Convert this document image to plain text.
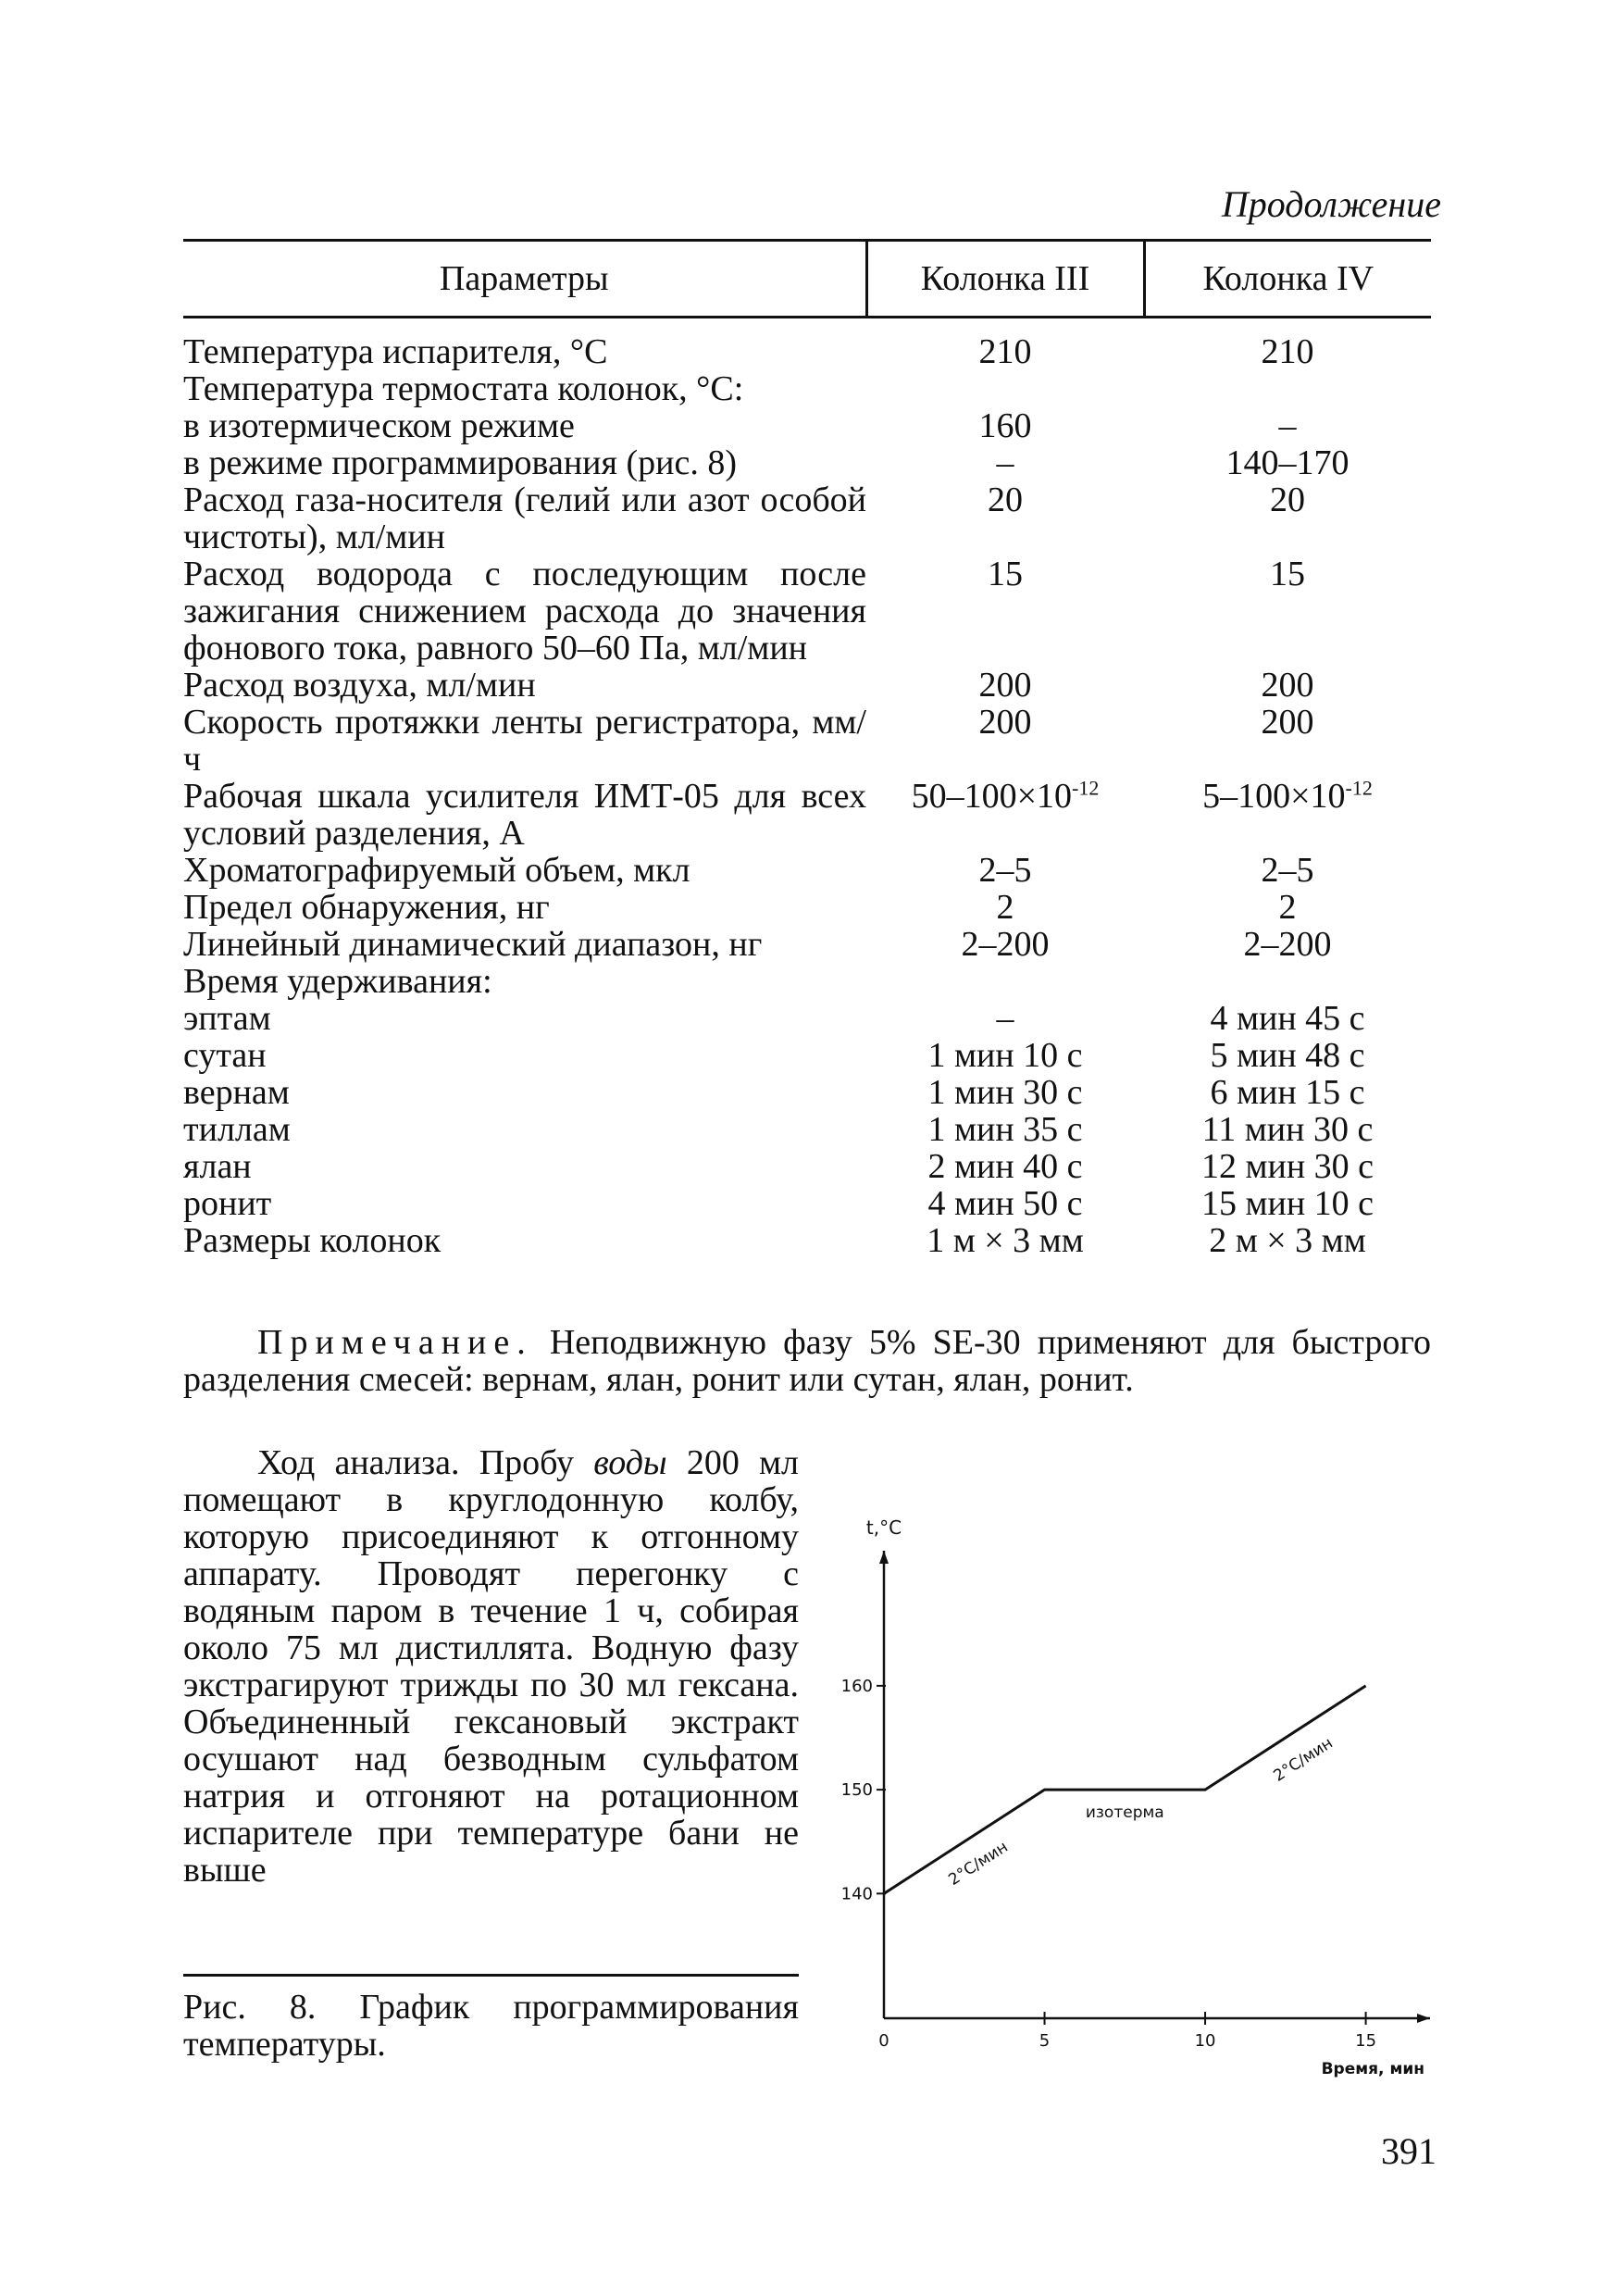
Продолжение
Параметры	Колонка III	Колонка IV
Температура испарителя, °С	210	210
Температура термостата колонок, °С:		
в изотермическом режиме	160	–
в режиме программирования (рис. 8)	–	140–170
Расход газа-носителя (гелий или азот особой чистоты), мл/мин	20	20
Расход водорода с последующим после зажигания снижением расхода до значения фонового тока, равного 50–60 Па, мл/мин	15	15
Расход воздуха, мл/мин	200	200
Скорость протяжки ленты регистратора, мм/ч	200	200
Рабочая шкала усилителя ИМТ-05 для всех условий разделения, А	$50-100\times 10^{-12}$	$5-100\times 10^{-12}$
Хроматографируемый объем, мкл	2–5	2–5
Предел обнаружения, нг	2	2
Линейный динамический диапазон, нг	2–200	2–200
Время удерживания:		
эптам	–	4 мин 45 с
сутан	1 мин 10 с	5 мин 48 с
вернам	1 мин 30 с	6 мин 15 с
тиллам	1 мин 35 с	11 мин 30 с
ялан	2 мин 40 с	12 мин 30 с
ронит	4 мин 50 с	15 мин 10 с
Размеры колонок	1 м × 3 мм	2 м × 3 мм
Примечание. Неподвижную фазу 5% SE-30 применяют для быстрого разделения смесей: вернам, ялан, ронит или сутан, ялан, ронит.
Ход анализа. Пробу воды 200 мл помещают в круглодонную колбу, которую присоединяют к отгонному аппарату. Проводят перегонку с водяным паром в течение 1 ч, собирая около 75 мл дистиллята. Водную фазу экстрагируют трижды по 30 мл гексана. Объединенный гексановый экстракт осушают над безводным сульфатом натрия и отгоняют на ротационном испарителе при температуре бани не выше
0	5	10	15
140
150
160
t,°C
Время, мин
2°С/мин
изотерма
2°С/мин
Рис. 8. График программирования температуры.
391
